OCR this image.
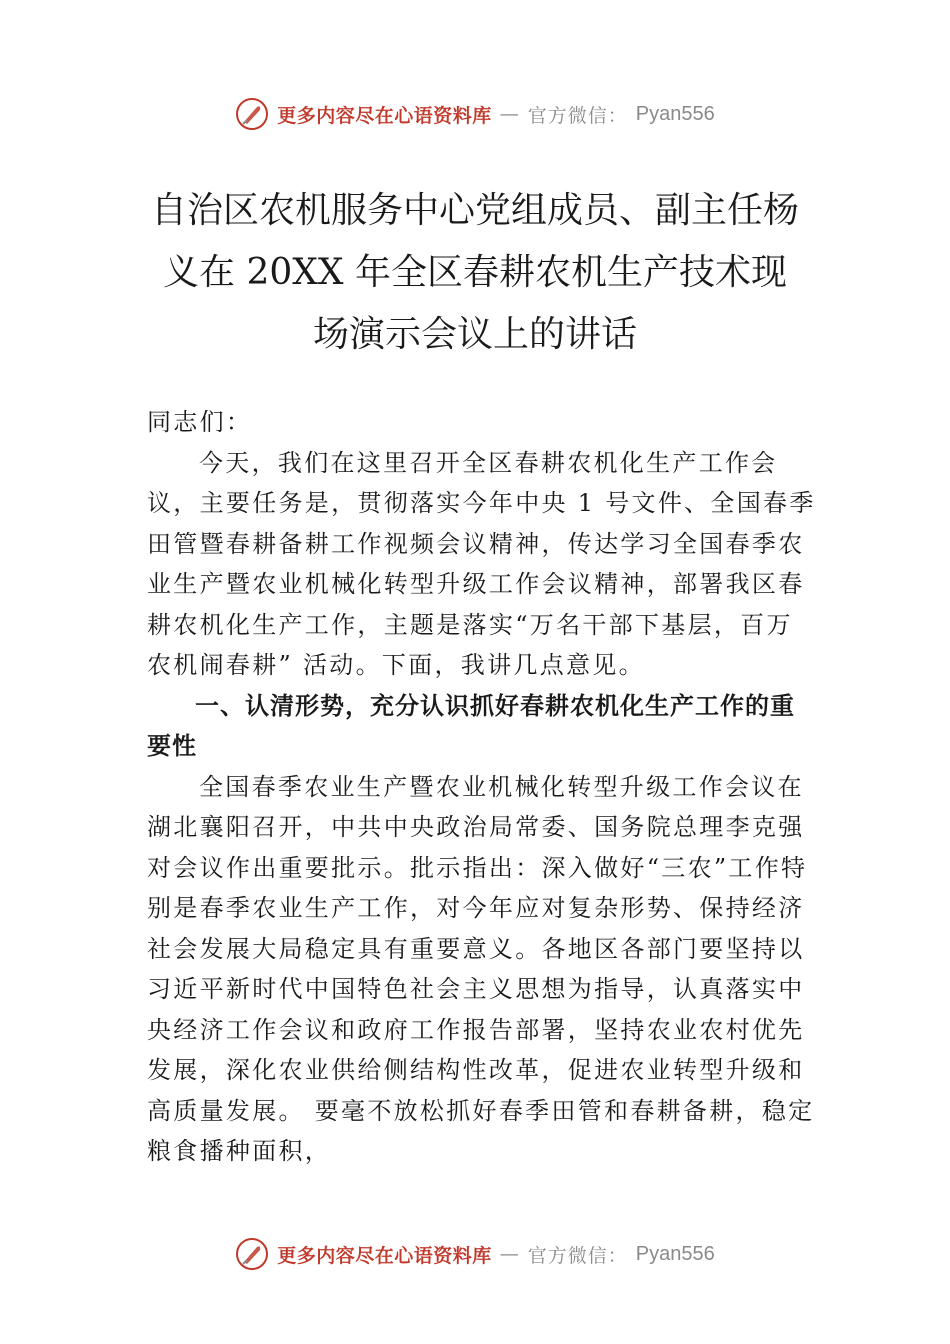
更多内容尽在心语资料库 — 官方微信： Pyan556
自治区农机服务中心党组成员、副主任杨
义在 20XX 年全区春耕农机生产技术现
场演示会议上的讲话

同志们：

今天，我们在这里召开全区春耕农机化生产工作会议，主要任务是，贯彻落实今年中央 1 号文件、全国春季田管暨春耕备耕工作视频会议精神，传达学习全国春季农业生产暨农业机械化转型升级工作会议精神，部署我区春耕农机化生产工作，主题是落实“万名干部下基层，百万农机闹春耕” 活动。下面，我讲几点意见。

一、认清形势，充分认识抓好春耕农机化生产工作的重要性

全国春季农业生产暨农业机械化转型升级工作会议在湖北襄阳召开，中共中央政治局常委、国务院总理李克强对会议作出重要批示。批示指出：深入做好“三农”工作特别是春季农业生产工作，对今年应对复杂形势、保持经济社会发展大局稳定具有重要意义。各地区各部门要坚持以习近平新时代中国特色社会主义思想为指导，认真落实中央经济工作会议和政府工作报告部署，坚持农业农村优先发展，深化农业供给侧结构性改革，促进农业转型升级和高质量发展。 要毫不放松抓好春季田管和春耕备耕，稳定粮食播种面积，

更多内容尽在心语资料库 — 官方微信： Pyan556
